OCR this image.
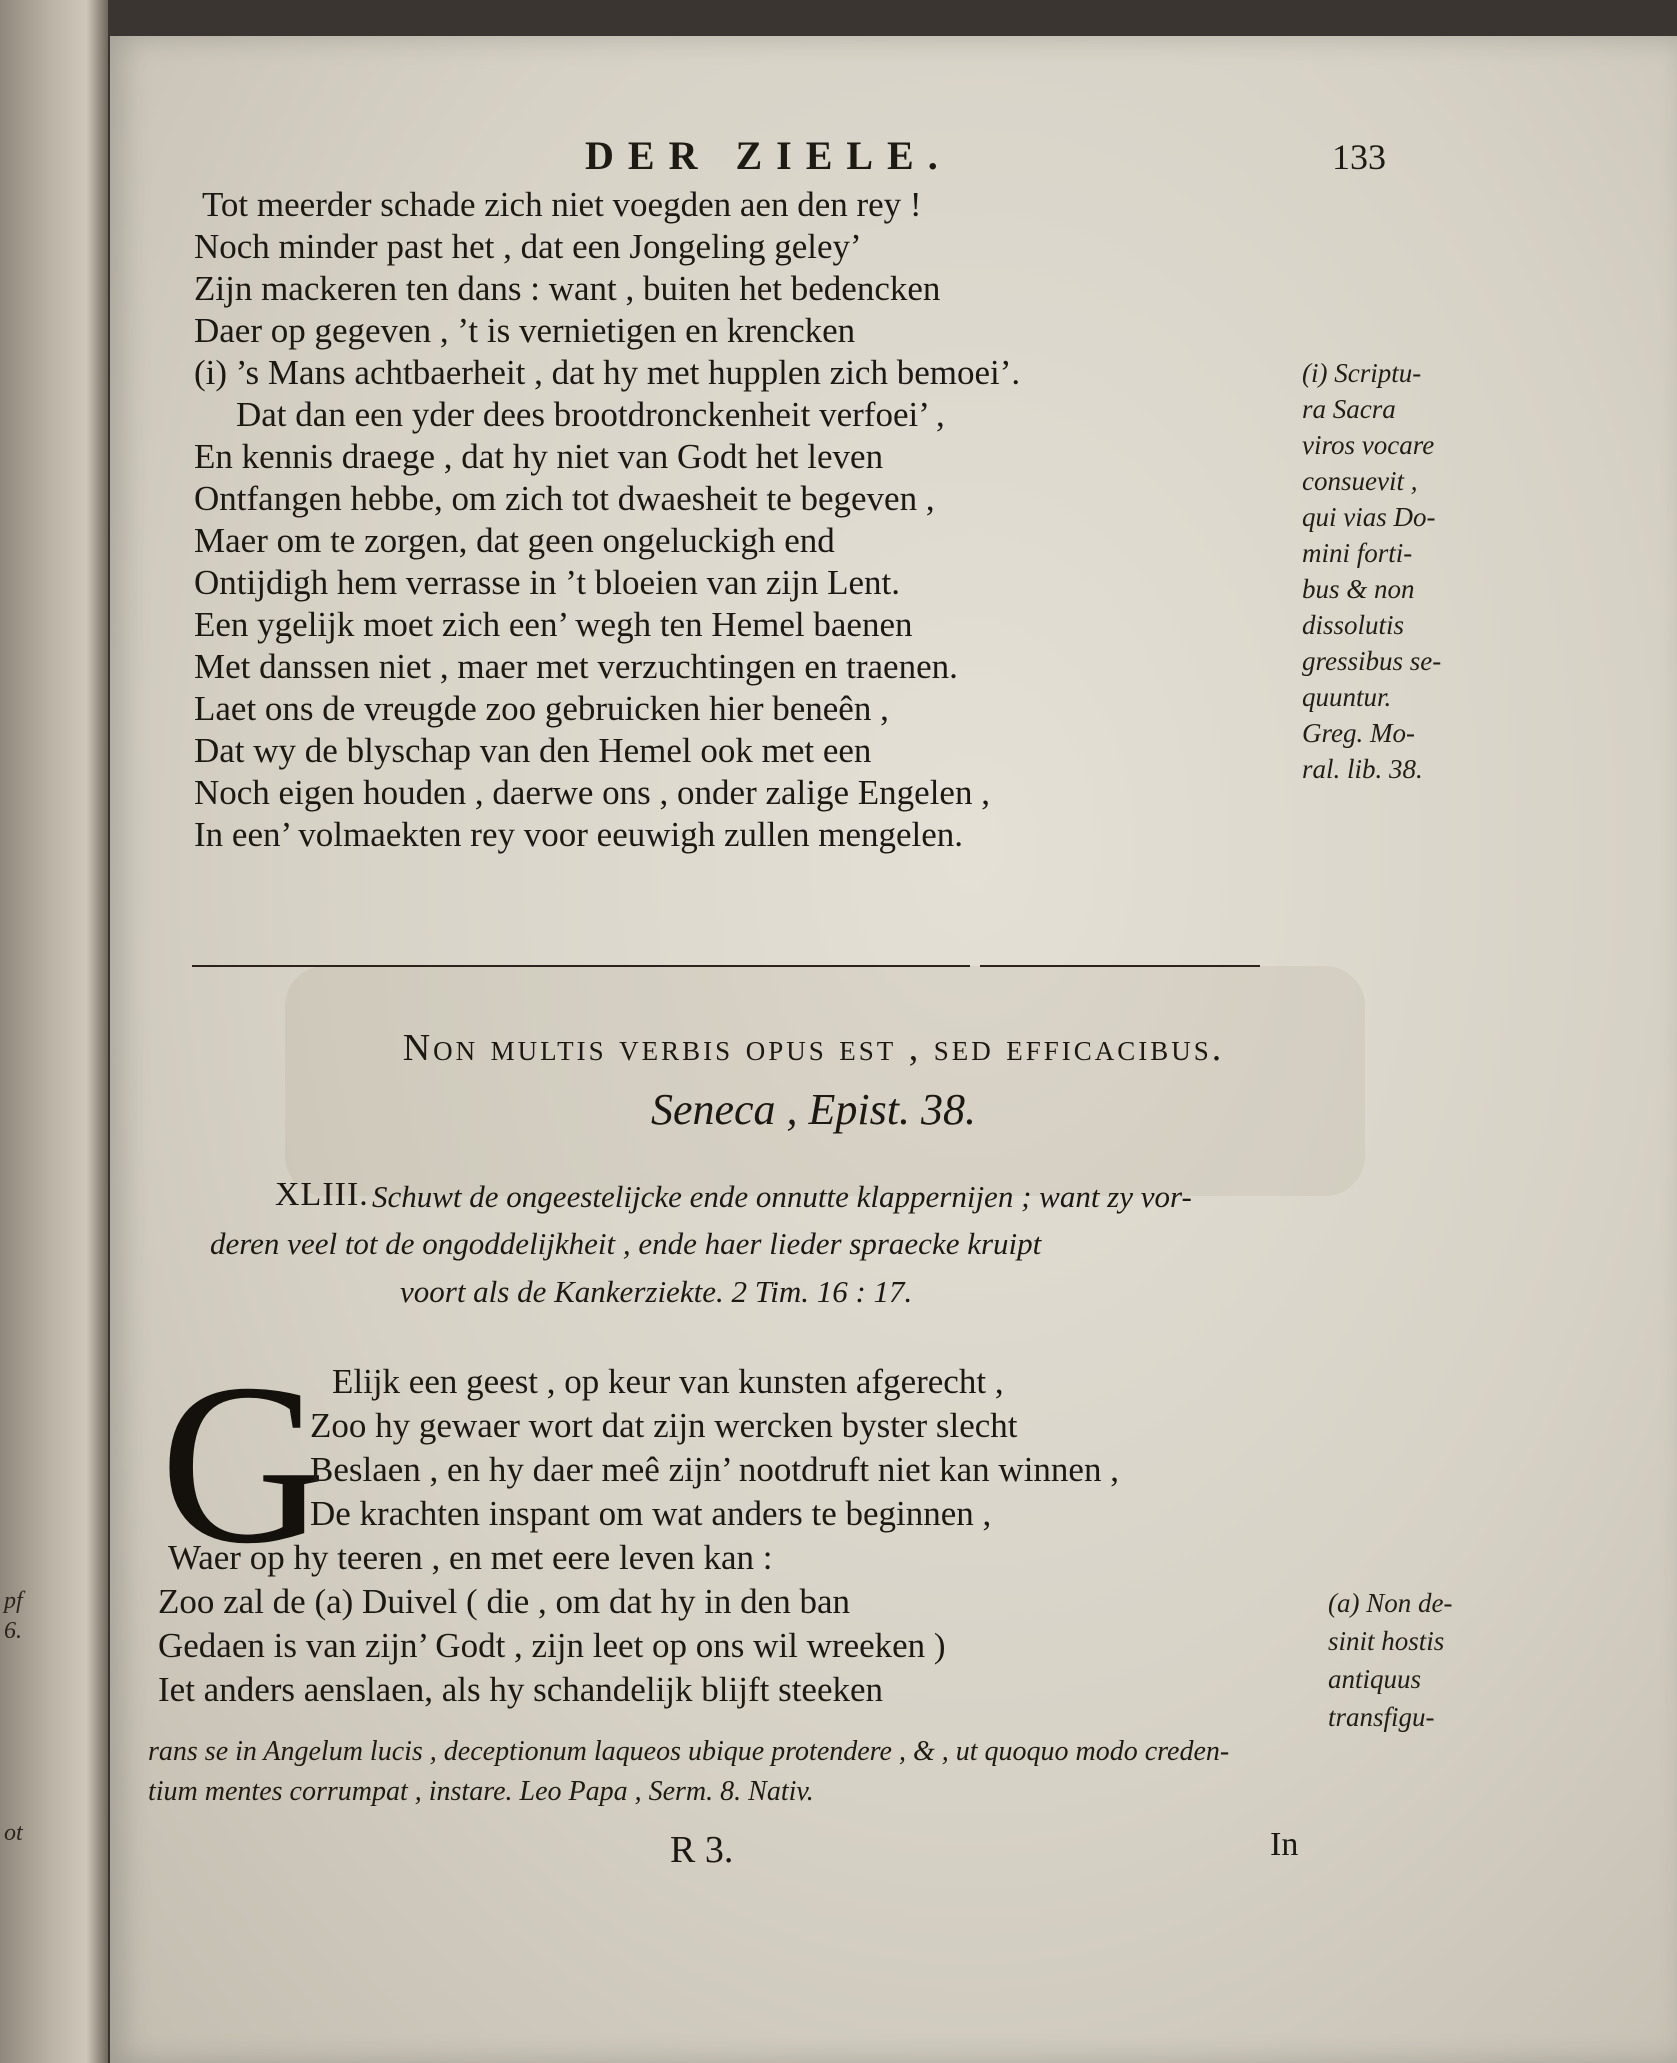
pf
6.
ot
DER ZIELE.	133
Tot meerder schade zich niet voegden aen den rey !
Noch minder past het , dat een Jongeling geley’
Zijn mackeren ten dans : want , buiten het bedencken
Daer op gegeven , ’t is vernietigen en krencken
(i) ’s Mans achtbaerheit , dat hy met hupplen zich bemoei’.
Dat dan een yder dees brootdronckenheit verfoei’ ,
En kennis draege , dat hy niet van Godt het leven
Ontfangen hebbe, om zich tot dwaesheit te begeven ,
Maer om te zorgen, dat geen ongeluckigh end
Ontijdigh hem verrasse in ’t bloeien van zijn Lent.
Een ygelijk moet zich een’ wegh ten Hemel baenen
Met danssen niet , maer met verzuchtingen en traenen.
Laet ons de vreugde zoo gebruicken hier beneên ,
Dat wy de blyschap van den Hemel ook met een
Noch eigen houden , daerwe ons , onder zalige Engelen ,
In een’ volmaekten rey voor eeuwigh zullen mengelen.
(i) Scriptu-
ra Sacra
viros vocare
consuevit ,
qui vias Do-
mini forti-
bus & non
dissolutis
gressibus se-
quuntur.
Greg. Mo-
ral. lib. 38.
Non multis verbis opus est , sed efficacibus.
Seneca , Epist. 38.
XLIII. Schuwt de ongeestelijcke ende onnutte klappernijen ; want zy vor-
deren veel tot de ongoddelijkheit , ende haer lieder spraecke kruipt
voort als de Kankerziekte. 2 Tim. 16 : 17.
G Elijk een geest , op keur van kunsten afgerecht ,
Zoo hy gewaer wort dat zijn wercken byster slecht
Beslaen , en hy daer meê zijn’ nootdruft niet kan winnen ,
De krachten inspant om wat anders te beginnen ,
Waer op hy teeren , en met eere leven kan :
Zoo zal de (a) Duivel ( die , om dat hy in den ban
Gedaen is van zijn’ Godt , zijn leet op ons wil wreeken )
Iet anders aenslaen, als hy schandelijk blijft steeken
(a) Non de-
sinit hostis
antiquus
transfigu-
rans se in Angelum lucis , deceptionum laqueos ubique protendere , & , ut quoquo modo creden-
tium mentes corrumpat , instare. Leo Papa , Serm. 8. Nativ.
R 3.	In
